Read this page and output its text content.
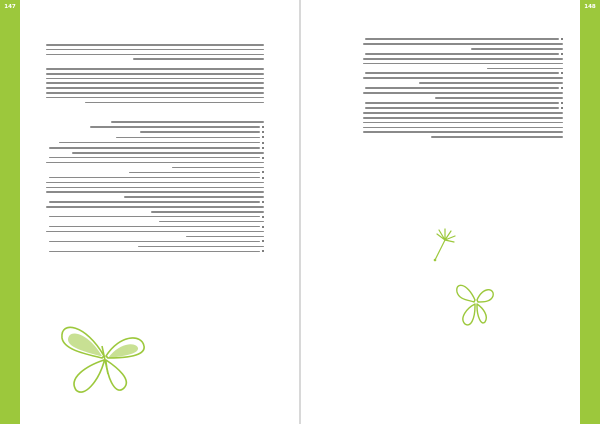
147	148
